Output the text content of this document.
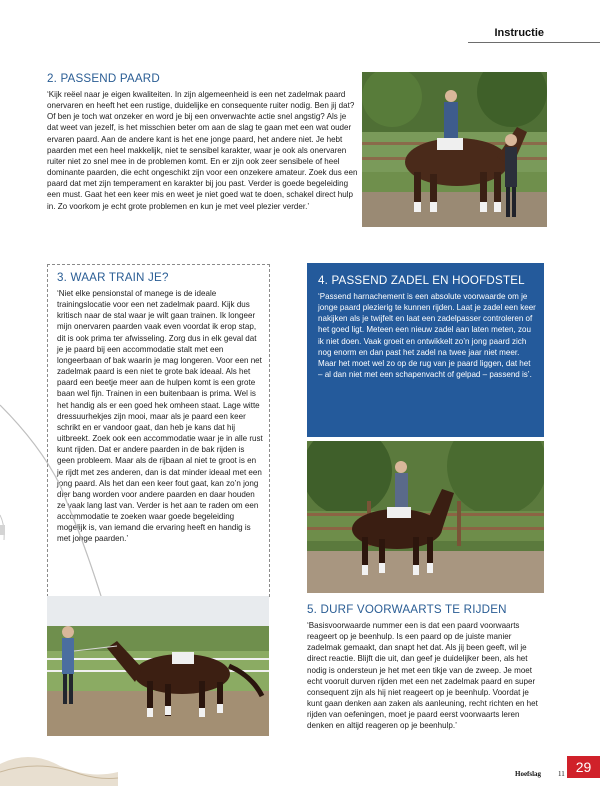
Instructie
2. PASSEND PAARD

‘Kijk reëel naar je eigen kwaliteiten. In zijn algemeenheid is een net zadelmak paard onervaren en heeft het een rustige, duidelijke en consequente ruiter nodig. Ben jij dat? Of ben je toch wat onzeker en word je bij een onverwachte actie snel angstig? Als je dat weet van jezelf, is het misschien beter om aan de slag te gaan met een wat ouder ervaren paard. Aan de andere kant is het ene jonge paard, het andere niet. Je hebt paarden met een heel makkelijk, niet te sensibel karakter, waar je ook als onervaren ruiter niet zo snel mee in de problemen komt. En er zijn ook zeer sensibele of heel dominante paarden, die echt ongeschikt zijn voor een onzekere amateur. Zoek dus een paard dat met zijn temperament en karakter bij jou past. Verder is goede begeleiding een must. Gaat het een keer mis en weet je niet goed wat te doen, schakel direct hulp in. Zo voorkom je echt grote problemen en kun je met veel plezier verder.’

3. WAAR TRAIN JE?

‘Niet elke pensionstal of manege is de ideale trainingslocatie voor een net zadelmak paard. Kijk dus kritisch naar de stal waar je wilt gaan trainen. Ik longeer mijn onervaren paarden vaak even voordat ik erop stap, dit is ook prima ter afwisseling. Zorg dus in elk geval dat je je paard bij een accommodatie stalt met een longeerbaan of bak waarin je mag longeren. Voor een net zadelmak paard is een niet te grote bak ideaal. Als het paard een beetje meer aan de hulpen komt is een grote baan wel fijn. Trainen in een buitenbaan is prima. Wel is het handig als er een goed hek omheen staat. Lage witte dressuurhekjes zijn mooi, maar als je paard een keer schrikt en er vandoor gaat, dan heb je kans dat hij uitbreekt. Zoek ook een accommodatie waar je in alle rust kunt rijden. Dat er andere paarden in de bak rijden is geen probleem. Maar als de rijbaan al niet te groot is en je rijdt met zes anderen, dan is dat minder ideaal met een jong paard. Als het dan een keer fout gaat, kan zo’n jong dier bang worden voor andere paarden en daar houden ze vaak lang last van. Verder is het aan te raden om een accommodatie te zoeken waar goede begeleiding mogelijk is, van iemand die ervaring heeft en handig is met jonge paarden.’

4. PASSEND ZADEL EN HOOFDSTEL

‘Passend harnachement is een absolute voorwaarde om je jonge paard plezierig te kunnen rijden. Laat je zadel een keer nakijken als je twijfelt en laat een zadelpasser controleren of het goed ligt. Meteen een nieuw zadel aan laten meten, zou ik niet doen. Vaak groeit en ontwikkelt zo’n jong paard zich nog enorm en dan past het zadel na twee jaar niet meer. Maar het moet wel zo op de rug van je paard liggen, dat het – al dan niet met een schapenvacht of gelpad – passend is’.

5. DURF VOORWAARTS TE RIJDEN

‘Basisvoorwaarde nummer een is dat een paard voorwaarts reageert op je beenhulp. Is een paard op de juiste manier zadelmak gemaakt, dan snapt het dat. Als jij been geeft, wil je direct reactie. Blijft die uit, dan geef je duidelijker been, als het nodig is ondersteun je het met een tikje van de zweep. Je moet echt vooruit durven rijden met een net zadelmak paard en super consequent zijn als hij niet reageert op je beenhulp. Voordat je kunt gaan denken aan zaken als aanleuning, recht richten en het rijden van oefeningen, moet je paard eerst voorwaarts leren denken en altijd reageren op je beenhulp.’

Hoefslag 11 29
